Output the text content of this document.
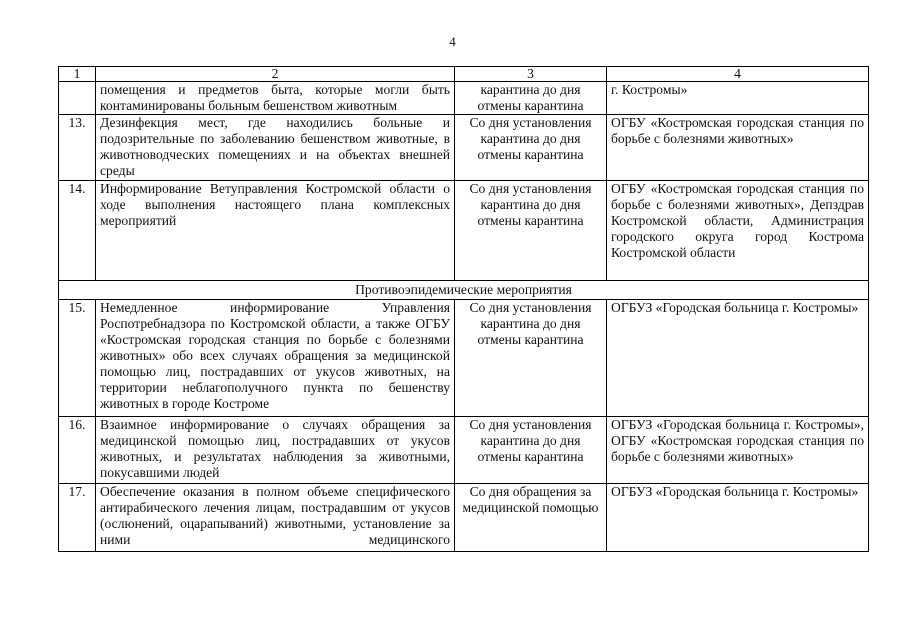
4
1	2	3	4
	помещения и предметов быта, которые могли быть контаминированы больным бешенством животным	карантина до дня отмены карантина	г. Костромы»
13.	Дезинфекция мест, где находились больные и подозрительные по заболеванию бешенством животные, в животноводческих помещениях и на объектах внешней среды	Со дня установления карантина до дня отмены карантина	ОГБУ «Костромская городская станция по борьбе с болезнями животных»
14.	Информирование Ветуправления Костромской области о ходе выполнения настоящего плана комплексных мероприятий	Со дня установления карантина до дня отмены карантина	ОГБУ «Костромская городская станция по борьбе с болезнями животных», Депздрав Костромской области, Администрация городского округа город Кострома Костромской области
Противоэпидемические мероприятия			
15.	Немедленное информирование Управления Роспотребнадзора по Костромской области, а также ОГБУ «Костромская городская станция по борьбе с болезнями животных» обо всех случаях обращения за медицинской помощью лиц, пострадавших от укусов животных, на территории неблагополучного пункта по бешенству животных в городе Костроме	Со дня установления карантина до дня отмены карантина	ОГБУЗ «Городская больница г. Костромы»
16.	Взаимное информирование о случаях обращения за медицинской помощью лиц, пострадавших от укусов животных, и результатах наблюдения за животными, покусавшими людей	Со дня установления карантина до дня отмены карантина	ОГБУЗ «Городская больница г. Костромы», ОГБУ «Костромская городская станция по борьбе с болезнями животных»
17.	Обеспечение оказания в полном объеме специфического антирабического лечения лицам, пострадавшим от укусов (ослюнений, оцарапываний) животными, установление за ними медицинского	Со дня обращения за медицинской помощью	ОГБУЗ «Городская больница г. Костромы»
